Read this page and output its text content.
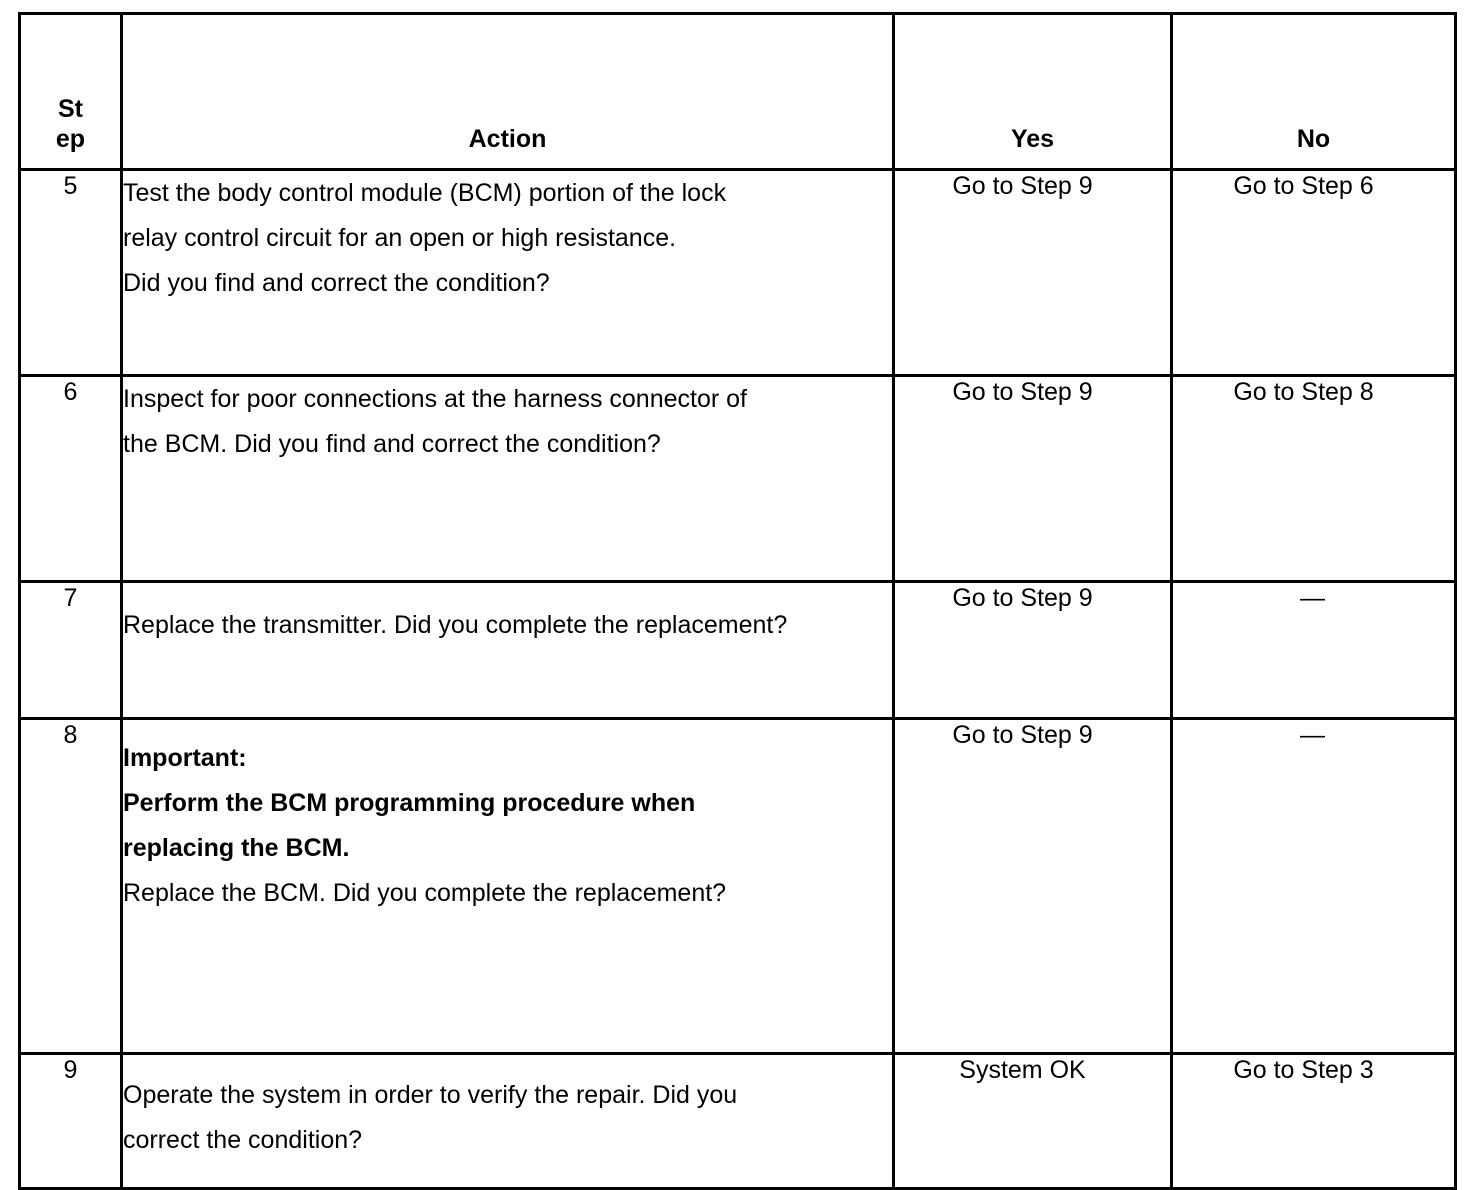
St
ep	Action	Yes	No
5	Test the body control module (BCM) portion of the lock

relay control circuit for an open or high resistance.

Did you find and correct the condition?	Go to Step 9	Go to Step 6
6	Inspect for poor connections at the harness connector of

the BCM. Did you find and correct the condition?	Go to Step 9	Go to Step 8
7	Replace the transmitter. Did you complete the replacement?	Go to Step 9	—
8	Important:

Perform the BCM programming procedure when

replacing the BCM.

Replace the BCM. Did you complete the replacement?	Go to Step 9	—
9	Operate the system in order to verify the repair. Did you

correct the condition?	System OK	Go to Step 3
